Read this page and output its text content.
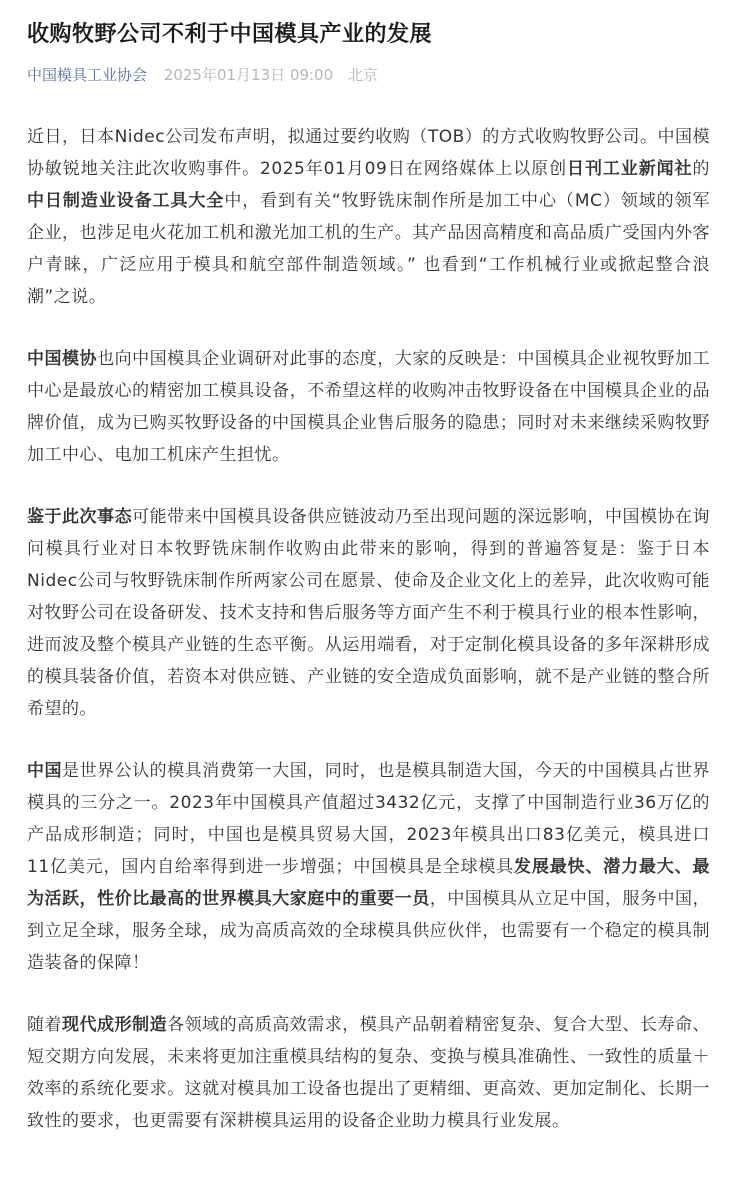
收购牧野公司不利于中国模具产业的发展
中国模具工业协会 2025年01月13日 09:00 北京

近日，日本Nidec公司发布声明，拟通过要约收购（TOB）的方式收购牧野公司。中国模协敏锐地关注此次收购事件。2025年01月09日在网络媒体上以原创日刊工业新闻社的中日制造业设备工具大全中，看到有关“牧野铣床制作所是加工中心（MC）领域的领军企业，也涉足电火花加工机和激光加工机的生产。其产品因高精度和高品质广受国内外客户青睐，广泛应用于模具和航空部件制造领域。” 也看到“工作机械行业或掀起整合浪潮”之说。

中国模协也向中国模具企业调研对此事的态度，大家的反映是：中国模具企业视牧野加工中心是最放心的精密加工模具设备，不希望这样的收购冲击牧野设备在中国模具企业的品牌价值，成为已购买牧野设备的中国模具企业售后服务的隐患；同时对未来继续采购牧野加工中心、电加工机床产生担忧。

鉴于此次事态可能带来中国模具设备供应链波动乃至出现问题的深远影响，中国模协在询问模具行业对日本牧野铣床制作收购由此带来的影响，得到的普遍答复是：鉴于日本Nidec公司与牧野铣床制作所两家公司在愿景、使命及企业文化上的差异，此次收购可能对牧野公司在设备研发、技术支持和售后服务等方面产生不利于模具行业的根本性影响，进而波及整个模具产业链的生态平衡。从运用端看，对于定制化模具设备的多年深耕形成的模具装备价值，若资本对供应链、产业链的安全造成负面影响，就不是产业链的整合所希望的。

中国是世界公认的模具消费第一大国，同时，也是模具制造大国，今天的中国模具占世界模具的三分之一。2023年中国模具产值超过3432亿元，支撑了中国制造行业36万亿的产品成形制造；同时，中国也是模具贸易大国，2023年模具出口83亿美元，模具进口11亿美元，国内自给率得到进一步增强；中国模具是全球模具发展最快、潜力最大、最为活跃，性价比最高的世界模具大家庭中的重要一员，中国模具从立足中国，服务中国，到立足全球，服务全球，成为高质高效的全球模具供应伙伴，也需要有一个稳定的模具制造装备的保障！

随着现代成形制造各领域的高质高效需求，模具产品朝着精密复杂、复合大型、长寿命、短交期方向发展，未来将更加注重模具结构的复杂、变换与模具准确性、一致性的质量＋效率的系统化要求。这就对模具加工设备也提出了更精细、更高效、更加定制化、长期一致性的要求，也更需要有深耕模具运用的设备企业助力模具行业发展。
